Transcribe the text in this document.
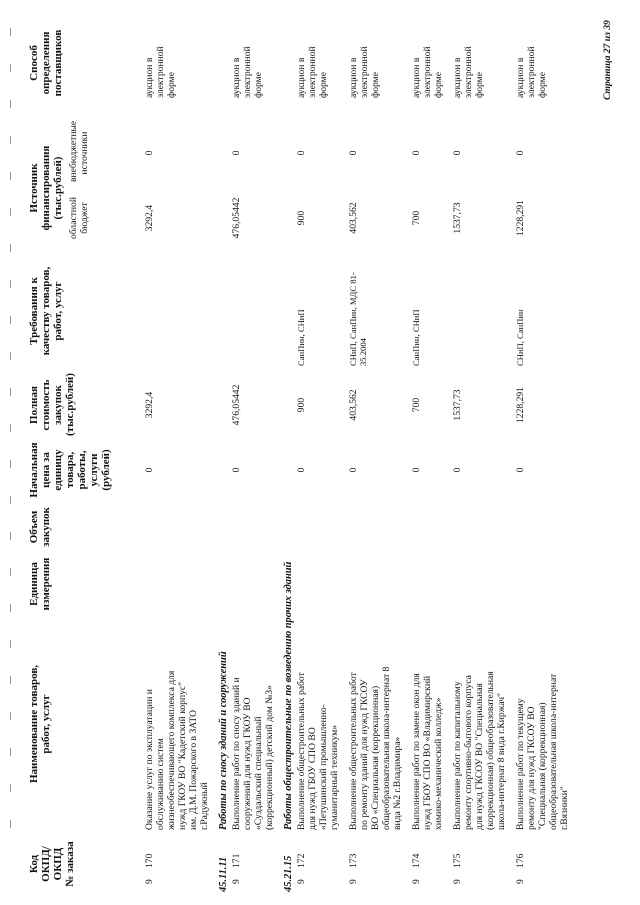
Код ОКПД/ ОКПД № заказа
Наименование товаров, работ, услуг
Единица измерения
Объем закупок
Начальная цена за единицу товара, работы, услуги (рублей)
Полная стоимость закупок (тыс.рублей)
Требования к качеству товаров, работ, услуг
Источник финансирования (тыс.рублей) областной бюджет
внебюджетные источники
Способ определения поставщиков
9
170
Оказание услуг по эксплуатации и обслуживанию систем жизнеобеспечивающего комплекса для нужд ГКОУ ВО "Кадетский корпус" им. Д.М. Пожарского в ЗАТО г.Радужный
0
3292,4
3292,4
0
аукцион в электронной форме
45.11.11
Работы по сносу зданий и сооружений
9
171
Выполнение работ по сносу зданий и сооружений для нужд ГКОУ ВО «Суздальский специальный (коррекционный) детский дом №3»
0
476,05442
476,05442
0
аукцион в электронной форме
45.21.15
Работы общестроительные по возведению прочих зданий
9
172
Выполнение общестроительных работ для нужд ГБОУ СПО ВО «Петушинский промышленно- гуманитарный техникум»
0
900
СанПин, СНиП
900
0
аукцион в электронной форме
9
173
Выполнение общестроительных работ по ремонту зданий для нужд ГКСОУ ВО «Специальная (коррекционная) общеобразовательная школа-интернат 8 вида №2 г.Владимира»
0
403,562
СНиП, СанПин, МДС 81-35.2004
403,562
0
аукцион в электронной форме
9
174
Выполнение работ по замене окон для нужд ГБОУ СПО ВО «Владимирский химико-механический колледж»
0
700
СанПин, СНиП
700
0
аукцион в электронной форме
9
175
Выполнение работ по капитальному ремонту спортивно-бытового корпуса для нужд ГКСОУ ВО "Специальная (коррекционная) общеобразовательная школа-интернат 8 вида г.Киржач"
0
1537,73
1537,73
0
аукцион в электронной форме
9
176
Выполнение работ по текущему ремонту для нужд ГКСОУ ВО "Специальная (коррекционная) общеобразовательная школа-интернат г.Вязники"
0
1228,291
СНиП, СанПин
1228,291
0
аукцион в электронной форме	Страница 27 из 39
